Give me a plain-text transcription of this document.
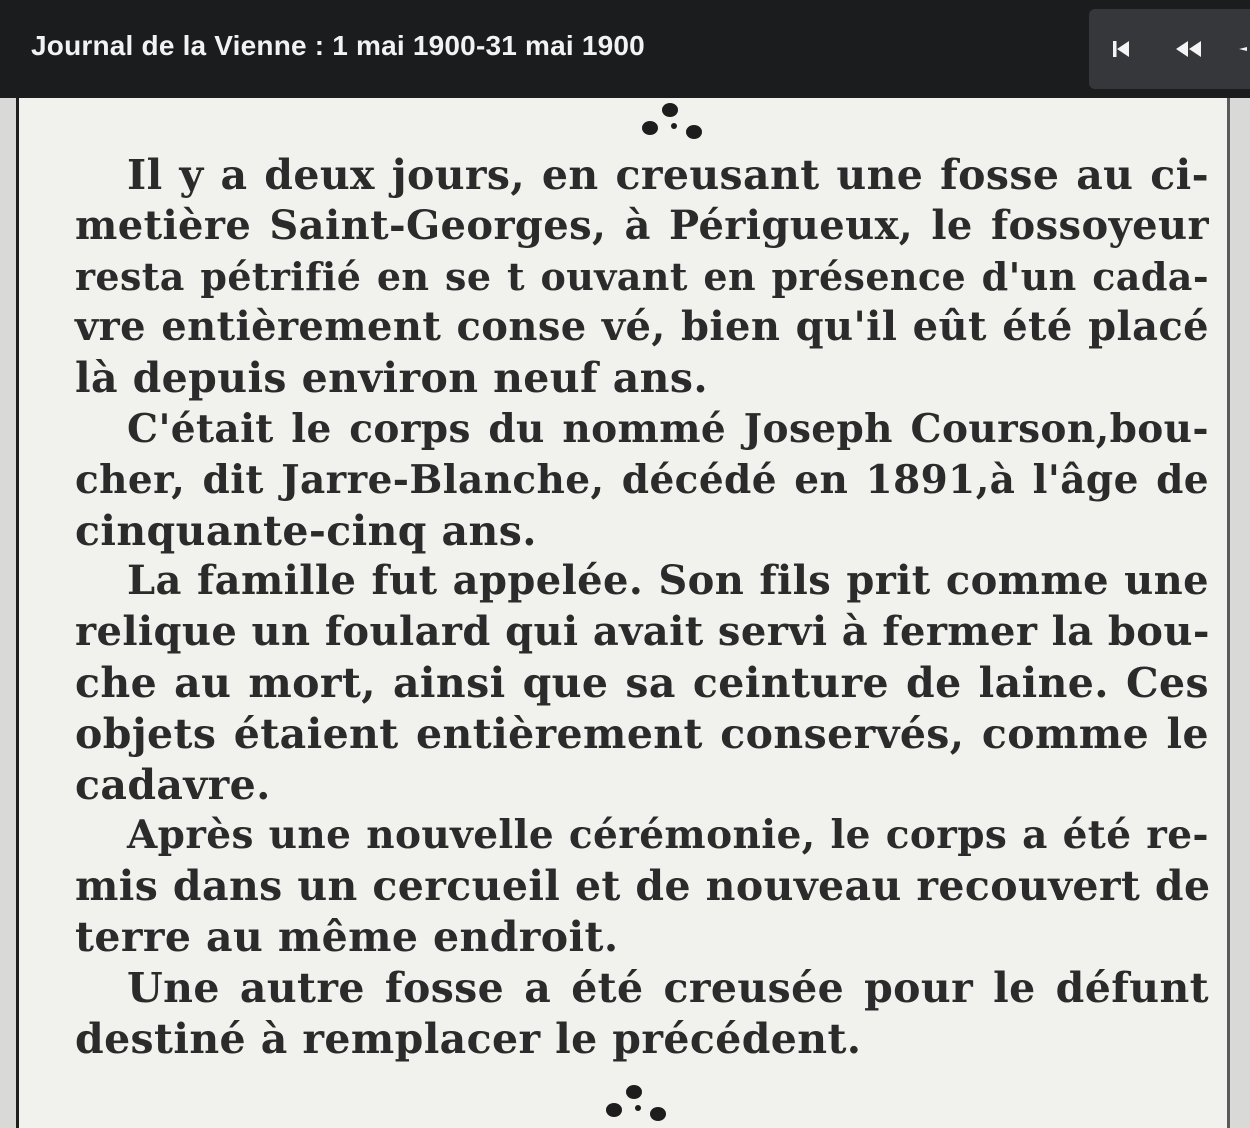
Journal de la Vienne : 1 mai 1900-31 mai 1900
Il y a deux jours, en creusant une fosse au ci-
metière Saint-Georges, à Périgueux, le fossoyeur
resta pétrifié en se t ouvant en présence d'un cada-
vre entièrement conse vé, bien qu'il eût été placé
là depuis environ neuf ans.
C'était le corps du nommé Joseph Courson,bou-
cher, dit Jarre-Blanche, décédé en 1891,à l'âge de
cinquante-cinq ans.
La famille fut appelée. Son fils prit comme une
relique un foulard qui avait servi à fermer la bou-
che au mort, ainsi que sa ceinture de laine. Ces
objets étaient entièrement conservés, comme le
cadavre.
Après une nouvelle cérémonie, le corps a été re-
mis dans un cercueil et de nouveau recouvert de
terre au même endroit.
Une autre fosse a été creusée pour le défunt
destiné à remplacer le précédent.
